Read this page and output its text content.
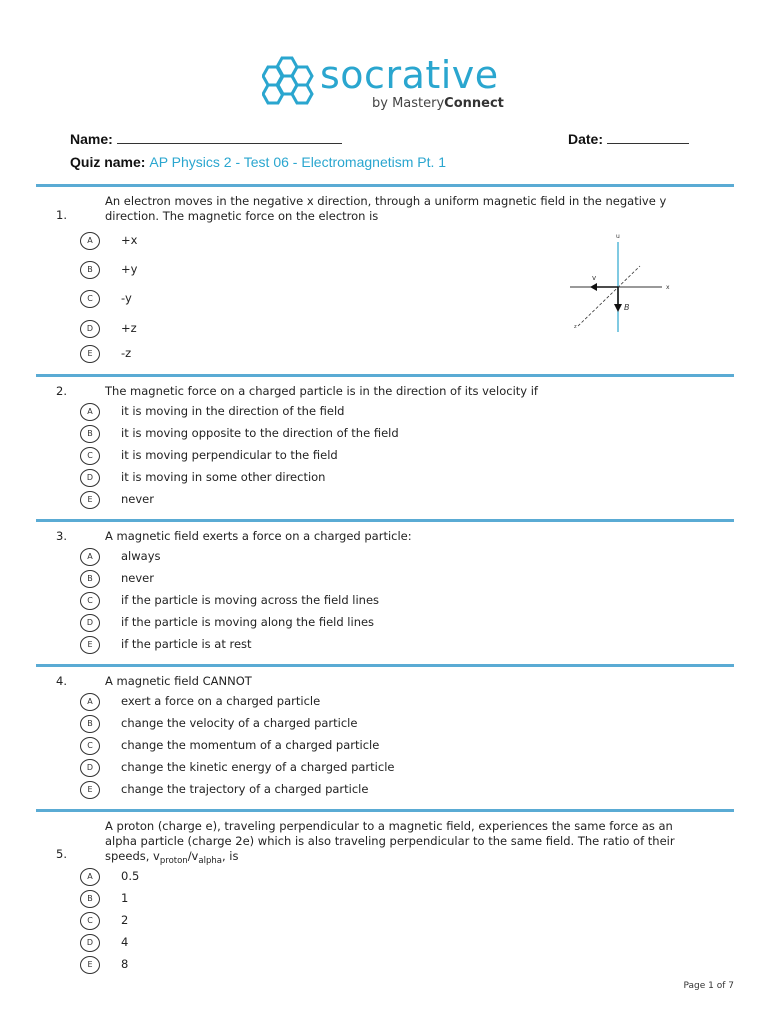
socrative
by MasteryConnect
Name:	Date:
Quiz name: AP Physics 2 - Test 06 - Electromagnetism Pt. 1
1.
An electron moves in the negative x direction, through a uniform magnetic field in the negative y direction. The magnetic force on the electron is
A	+x
B	+y
C	-y
D	+z
E	-z
u
x
z
v
B
2.	The magnetic force on a charged particle is in the direction of its velocity if
A	it is moving in the direction of the field
B	it is moving opposite to the direction of the field
C	it is moving perpendicular to the field
D	it is moving in some other direction
E	never
3.	A magnetic field exerts a force on a charged particle:
A	always
B	never
C	if the particle is moving across the field lines
D	if the particle is moving along the field lines
E	if the particle is at rest
4.	A magnetic field CANNOT
A	exert a force on a charged particle
B	change the velocity of a charged particle
C	change the momentum of a charged particle
D	change the kinetic energy of a charged particle
E	change the trajectory of a charged particle
5.
A proton (charge e), traveling perpendicular to a magnetic field, experiences the same force as an alpha particle (charge 2e) which is also traveling perpendicular to the same field. The ratio of their speeds, $v_{proton}/v_{alpha}$, is
A	0.5
B	1
C	2
D	4
E	8
Page 1 of 7
